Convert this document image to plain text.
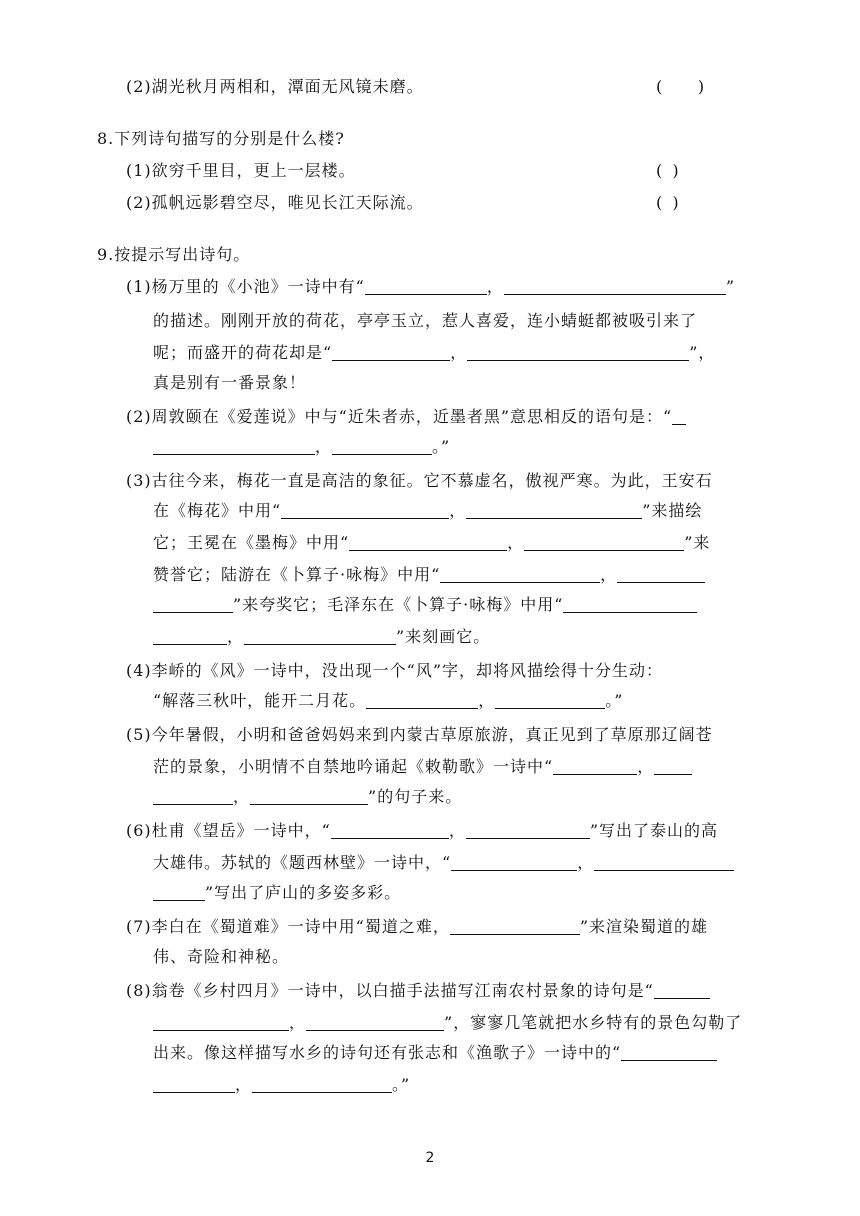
(2)湖光秋月两相和，潭面无风镜未磨。	(       )
8.下列诗句描写的分别是什么楼?
(1)欲穷千里目，更上一层楼。	(  )
(2)孤帆远影碧空尽，唯见长江天际流。	(  )
9.按提示写出诗句。
(1)杨万里的《小池》一诗中有“	，	”
的描述。刚刚开放的荷花，亭亭玉立，惹人喜爱，连小蜻蜓都被吸引来了
呢；而盛开的荷花却是“	，	”，
真是别有一番景象！
(2)周敦颐在《爱莲说》中与“近朱者赤，近墨者黑”意思相反的语句是：“
，	。”
(3)古往今来，梅花一直是高洁的象征。它不慕虚名，傲视严寒。为此，王安石
在《梅花》中用“	，	”来描绘
它；王冕在《墨梅》中用“	，	”来
赞誉它；陆游在《卜算子·咏梅》中用“	，
”来夸奖它；毛泽东在《卜算子·咏梅》中用“
，	”来刻画它。
(4)李峤的《风》一诗中，没出现一个“风”字，却将风描绘得十分生动：
“解落三秋叶，能开二月花。	，	。”
(5)今年暑假，小明和爸爸妈妈来到内蒙古草原旅游，真正见到了草原那辽阔苍
茫的景象，小明情不自禁地吟诵起《敕勒歌》一诗中“	，
，	”的句子来。
(6)杜甫《望岳》一诗中，“	，	”写出了泰山的高
大雄伟。苏轼的《题西林壁》一诗中，“	，
”写出了庐山的多姿多彩。
(7)李白在《蜀道难》一诗中用“蜀道之难，	”来渲染蜀道的雄
伟、奇险和神秘。
(8)翁卷《乡村四月》一诗中，以白描手法描写江南农村景象的诗句是“
，	”，寥寥几笔就把水乡特有的景色勾勒了
出来。像这样描写水乡的诗句还有张志和《渔歌子》一诗中的“
，	。”
2
